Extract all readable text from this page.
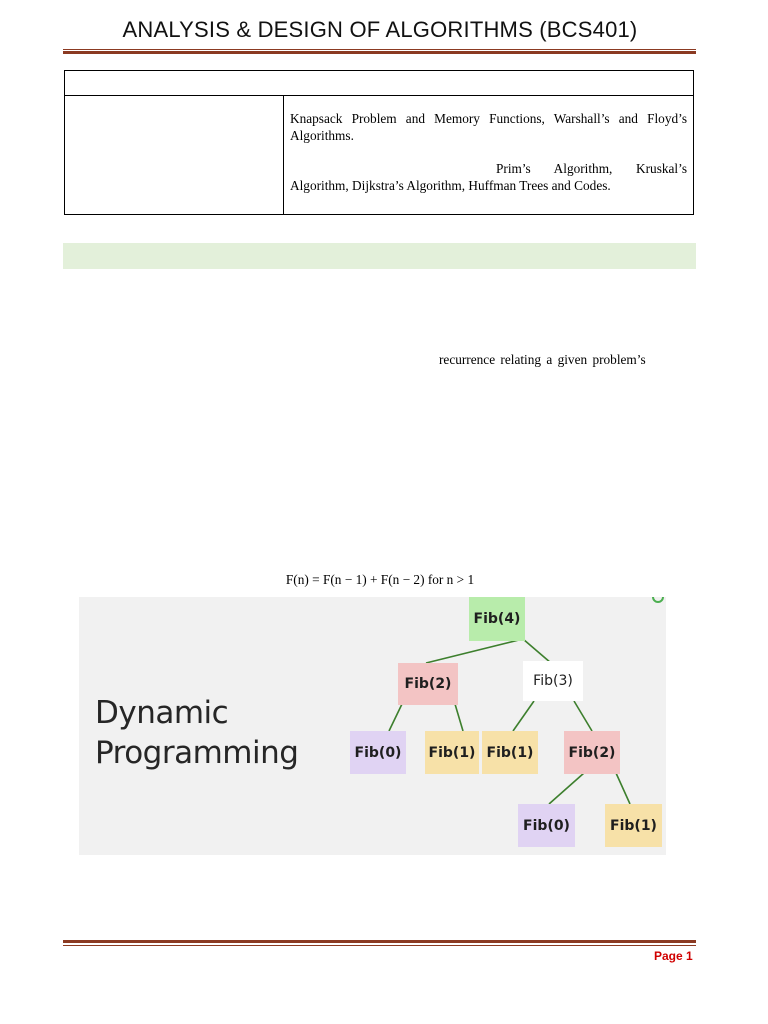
ANALYSIS & DESIGN OF ALGORITHMS (BCS401)

Knapsack Problem and Memory Functions, Warshall’s and Floyd’s Algorithms.

Prim’s Algorithm, Kruskal’s Algorithm, Dijkstra’s Algorithm, Huffman Trees and Codes.

recurrence relating a given problem’s
F(n) = F(n − 1) + F(n − 2) for n > 1
Dynamic
Programming
Fib(4)
Fib(2)	Fib(3)
Fib(0)	Fib(1) Fib(1)	Fib(2)
Fib(0)	Fib(1)
Page 1
